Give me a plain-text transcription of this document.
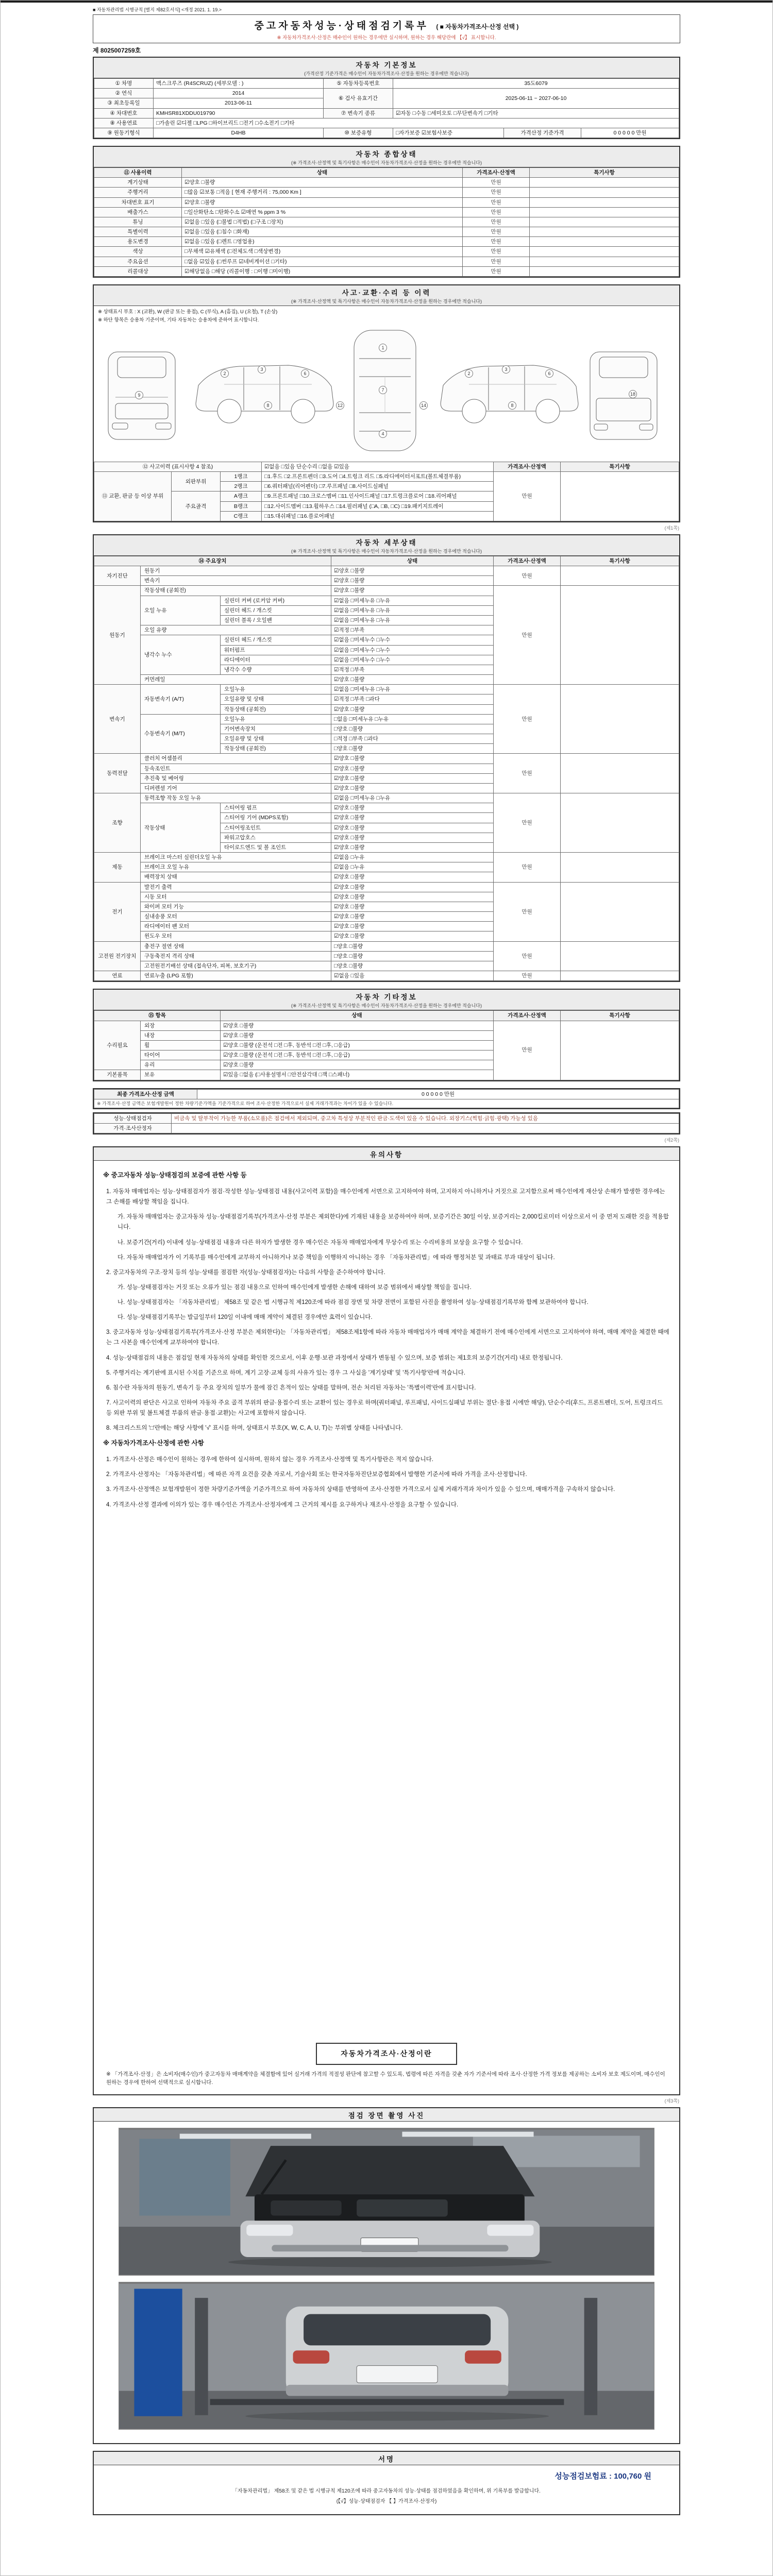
■ 자동차관리법 시행규칙 [별지 제82호서식] <개정 2021. 1. 19.>
중고자동차성능·상태점검기록부 ( ■ 자동차가격조사·산정 선택 )
※ 자동차가격조사·산정은 매수인이 원하는 경우에만 실시하며, 원하는 경우 해당란에 【√】 표시합니다.
제 8025007259호
자동차 기본정보
(가격산정 기준가격은 매수인이 자동차가격조사·산정을 원하는 경우에만 적습니다)
① 차명	맥스크루즈 (R4SCRUZ) (세부모델 : )	⑤ 자동차등록번호	35도6079		
② 연식	2014	⑥ 검사 유효기간	2025-06-11 ~ 2027-06-10		
③ 최초등록일	2013-06-11				
④ 차대번호	KMHSR81XDDU019790	⑦ 변속기 종류	☑자동 □수동 □세미오토 □무단변속기 □기타		
⑧ 사용연료	□가솔린 ☑디젤 □LPG □하이브리드 □전기 □수소전기 □기타				
⑨ 원동기형식	D4HB	⑩ 보증유형	□자가보증 ☑보험사보증	가격산정 기준가격	0 0 0 0 0 만원
자동차 종합상태
(※ 가격조사·산정액 및 특기사항은 매수인이 자동차가격조사·산정을 원하는 경우에만 적습니다)
⑪ 사용이력	상태	가격조사·산정액	특기사항
계기상태	☑양호 □불량	만원	
주행거리	□많음 ☑보통 □적음 [ 현재 주행거리 : 75,000 Km ]	만원	
차대번호 표기	☑양호 □불량	만원	
배출가스	□일산화탄소 □탄화수소 ☑매연 % ppm 3 %	만원	
튜닝	☑없음 □있음 (□불법 □적법) (□구조 □장치)	만원	
특별이력	☑없음 □있음 (□침수 □화재)	만원	
용도변경	☑없음 □있음 (□렌트 □영업용)	만원	
색상	□무채색 ☑유채색 (□전체도색 □색상변경)	만원	
주요옵션	□없음 ☑있음 (□썬루프 ☑네비게이션 □기타)	만원	
리콜대상	☑해당없음 □해당 (리콜이행 : □이행 □미이행)	만원	
사고·교환·수리 등 이력
(※ 가격조사·산정액 및 특기사항은 매수인이 자동차가격조사·산정을 원하는 경우에만 적습니다)
※ 상태표시 부호 : X (교환), W (판금 또는 용접), C (부식), A (흠집), U (요철), T (손상)
※ 하단 항목은 승용차 기준이며, 기타 자동차는 승용차에 준하여 표시합니다.
1
7
4
9
2
3
6
8
2
3
6
8
18
12	14
⑫ 사고이력 (표시사항 4 참조)			☑없음 □있음 단순수리 □없음 ☑있음	가격조사·산정액	특기사항
⑬ 교환, 판금 등 이상 부위	외판부위	1랭크	□1.후드 □2.프론트펜더 □3.도어 □4.트렁크 리드 □5.라디에이터서포트(볼트체결부품)	만원	
		2랭크	□6.쿼터패널(리어펜더) □7.루프패널 □8.사이드실패널		
	주요골격	A랭크	□9.프론트패널 □10.크로스멤버 □11.인사이드패널 □17.트렁크플로어 □18.리어패널		
		B랭크	□12.사이드멤버 □13.휠하우스 □14.필러패널 (□A, □B, □C) □19.패키지트레이		
		C랭크	□15.대쉬패널 □16.플로어패널		
(제1쪽)
자동차 세부상태
(※ 가격조사·산정액 및 특기사항은 매수인이 자동차가격조사·산정을 원하는 경우에만 적습니다)
⑭ 주요장치			상태	가격조사·산정액	특기사항
자기진단	원동기		☑양호 □불량	만원	
	변속기		☑양호 □불량		
원동기	작동상태 (공회전)		☑양호 □불량	만원	
	오일 누유	실린더 커버 (로커암 커버)	☑없음 □미세누유 □누유		
		실린더 헤드 / 개스킷	☑없음 □미세누유 □누유		
		실린더 블록 / 오일팬	☑없음 □미세누유 □누유		
	오일 유량		☑적정 □부족		
	냉각수 누수	실린더 헤드 / 개스킷	☑없음 □미세누수 □누수		
		워터펌프	☑없음 □미세누수 □누수		
		라디에이터	☑없음 □미세누수 □누수		
		냉각수 수량	☑적정 □부족		
	커먼레일		☑양호 □불량		
변속기	자동변속기 (A/T)	오일누유	☑없음 □미세누유 □누유	만원	
		오일유량 및 상태	☑적정 □부족 □과다		
		작동상태 (공회전)	☑양호 □불량		
	수동변속기 (M/T)	오일누유	□없음 □미세누유 □누유		
		기어변속장치	□양호 □불량		
		오일유량 및 상태	□적정 □부족 □과다		
		작동상태 (공회전)	□양호 □불량		
동력전달	클러치 어셈블리		☑양호 □불량	만원	
	등속조인트		☑양호 □불량		
	추진축 및 베어링		☑양호 □불량		
	디퍼렌셜 기어		☑양호 □불량		
조향	동력조향 작동 오일 누유		☑없음 □미세누유 □누유	만원	
	작동상태	스티어링 펌프	☑양호 □불량		
		스티어링 기어 (MDPS포함)	☑양호 □불량		
		스티어링조인트	☑양호 □불량		
		파워고압호스	☑양호 □불량		
		타이로드엔드 및 볼 조인트	☑양호 □불량		
제동	브레이크 마스터 실린더오일 누유		☑없음 □누유	만원	
	브레이크 오일 누유		☑없음 □누유		
	배력장치 상태		☑양호 □불량		
전기	발전기 출력		☑양호 □불량	만원	
	시동 모터		☑양호 □불량		
	와이퍼 모터 기능		☑양호 □불량		
	실내송풍 모터		☑양호 □불량		
	라디에이터 팬 모터		☑양호 □불량		
	윈도우 모터		☑양호 □불량		
고전원 전기장치	충전구 절연 상태		□양호 □불량	만원	
	구동축전지 격리 상태		□양호 □불량		
	고전원전기배선 상태 (접속단자, 피복, 보호기구)		□양호 □불량		
연료	연료누출 (LPG 포함)		☑없음 □있음	만원	
자동차 기타정보
(※ 가격조사·산정액 및 특기사항은 매수인이 자동차가격조사·산정을 원하는 경우에만 적습니다)
⑮ 항목		상태	가격조사·산정액	특기사항
수리필요	외장	☑양호 □불량	만원	
	내장	☑양호 □불량		
	휠	☑양호 □불량 (운전석 □전 □후, 동반석 □전 □후, □응급)		
	타이어	☑양호 □불량 (운전석 □전 □후, 동반석 □전 □후, □응급)		
	유리	☑양호 □불량		
기본품목	보유	☑있음 □없음 (□사용설명서 □안전삼각대 □잭 □스패너)		
최종 가격조사·산정 금액	0 0 0 0 0 만원
※ 가격조사·산정 금액은 보험개발원이 정한 차량기준가액을 기준가격으로 하여 조사·산정한 가격으로서 실제 거래가격과는 차이가 있을 수 있습니다.
성능·상태점검자	비금속 및 탈부착이 가능한 부품(소모품)은 점검에서 제외되며, 중고차 특성상 부분적인 판금·도색이 있을 수 있습니다. 외장기스(찍힘·긁힘·광택) 가능성 있음
가격·조사산정자	
(제2쪽)
유의사항

※ 중고자동차 성능·상태점검의 보증에 관한 사항 등

1. 자동차 매매업자는 성능·상태점검자가 점검·작성한 성능·상태점검 내용(사고이력 포함)을 매수인에게 서면으로 고지하여야 하며, 고지하지 아니하거나 거짓으로 고지함으로써 매수인에게 재산상 손해가 발생한 경우에는 그 손해를 배상할 책임을 집니다.

가. 자동차 매매업자는 중고자동차 성능·상태점검기록부(가격조사·산정 부분은 제외한다)에 기재된 내용을 보증하여야 하며, 보증기간은 30일 이상, 보증거리는 2,000킬로미터 이상으로서 이 중 먼저 도래한 것을 적용합니다.

나. 보증기간(거리) 이내에 성능·상태점검 내용과 다른 하자가 발생한 경우 매수인은 자동차 매매업자에게 무상수리 또는 수리비용의 보상을 요구할 수 있습니다.

다. 자동차 매매업자가 이 기록부를 매수인에게 교부하지 아니하거나 보증 책임을 이행하지 아니하는 경우 「자동차관리법」에 따라 행정처분 및 과태료 부과 대상이 됩니다.

2. 중고자동차의 구조·장치 등의 성능·상태를 점검한 자(성능·상태점검자)는 다음의 사항을 준수하여야 합니다.

가. 성능·상태점검자는 거짓 또는 오류가 있는 점검 내용으로 인하여 매수인에게 발생한 손해에 대하여 보증 범위에서 배상할 책임을 집니다.

나. 성능·상태점검자는 「자동차관리법」 제58조 및 같은 법 시행규칙 제120조에 따라 점검 장면 및 차량 전면이 포함된 사진을 촬영하여 성능·상태점검기록부와 함께 보관하여야 합니다.

다. 성능·상태점검기록부는 발급일부터 120일 이내에 매매 계약이 체결된 경우에만 효력이 있습니다.

3. 중고자동차 성능·상태점검기록부(가격조사·산정 부분은 제외한다)는 「자동차관리법」 제58조제1항에 따라 자동차 매매업자가 매매 계약을 체결하기 전에 매수인에게 서면으로 고지하여야 하며, 매매 계약을 체결한 때에는 그 사본을 매수인에게 교부하여야 합니다.

4. 성능·상태점검의 내용은 점검일 현재 자동차의 상태를 확인한 것으로서, 이후 운행·보관 과정에서 상태가 변동될 수 있으며, 보증 범위는 제1호의 보증기간(거리) 내로 한정됩니다.

5. 주행거리는 계기판에 표시된 수치를 기준으로 하며, 계기 고장·교체 등의 사유가 있는 경우 그 사실을 '계기상태' 및 '특기사항'란에 적습니다.

6. 침수란 자동차의 원동기, 변속기 등 주요 장치의 일부가 물에 잠긴 흔적이 있는 상태를 말하며, 전손 처리된 자동차는 '특별이력'란에 표시합니다.

7. 사고이력의 판단은 사고로 인하여 자동차 주요 골격 부위의 판금·용접수리 또는 교환이 있는 경우로 하며(쿼터패널, 루프패널, 사이드실패널 부위는 절단·용접 시에만 해당), 단순수리(후드, 프론트펜더, 도어, 트렁크리드 등 외판 부위 및 볼트체결 부품의 판금·용접·교환)는 사고에 포함하지 않습니다.

8. 체크리스트의 '□'란에는 해당 사항에 '√' 표시를 하며, 상태표시 부호(X, W, C, A, U, T)는 부위별 상태를 나타냅니다.

※ 자동차가격조사·산정에 관한 사항

1. 가격조사·산정은 매수인이 원하는 경우에 한하여 실시하며, 원하지 않는 경우 가격조사·산정액 및 특기사항란은 적지 않습니다.

2. 가격조사·산정자는 「자동차관리법」에 따른 자격 요건을 갖춘 자로서, 기술사회 또는 한국자동차진단보증협회에서 발행한 기준서에 따라 가격을 조사·산정합니다.

3. 가격조사·산정액은 보험개발원이 정한 차량기준가액을 기준가격으로 하여 자동차의 상태를 반영하여 조사·산정한 가격으로서 실제 거래가격과 차이가 있을 수 있으며, 매매가격을 구속하지 않습니다.

4. 가격조사·산정 결과에 이의가 있는 경우 매수인은 가격조사·산정자에게 그 근거의 제시를 요구하거나 재조사·산정을 요구할 수 있습니다.

자동차가격조사·산정이란
※ 「가격조사·산정」은 소비자(매수인)가 중고자동차 매매계약을 체결함에 있어 실거래 가격의 적절성 판단에 참고할 수 있도록, 법령에 따른 자격을 갖춘 자가 기준서에 따라 조사·산정한 가격 정보를 제공하는 소비자 보호 제도이며, 매수인이 원하는 경우에 한하여 선택적으로 실시합니다.
(제3쪽)
점검 장면 촬영 사진
서명
성능점검보험료 : 100,760 원
「자동차관리법」 제58조 및 같은 법 시행규칙 제120조에 따라 중고자동차의 성능·상태를 점검하였음을 확인하며, 위 기록부를 발급합니다.
(【√】성능·상태점검자 【 】가격조사·산정자)
